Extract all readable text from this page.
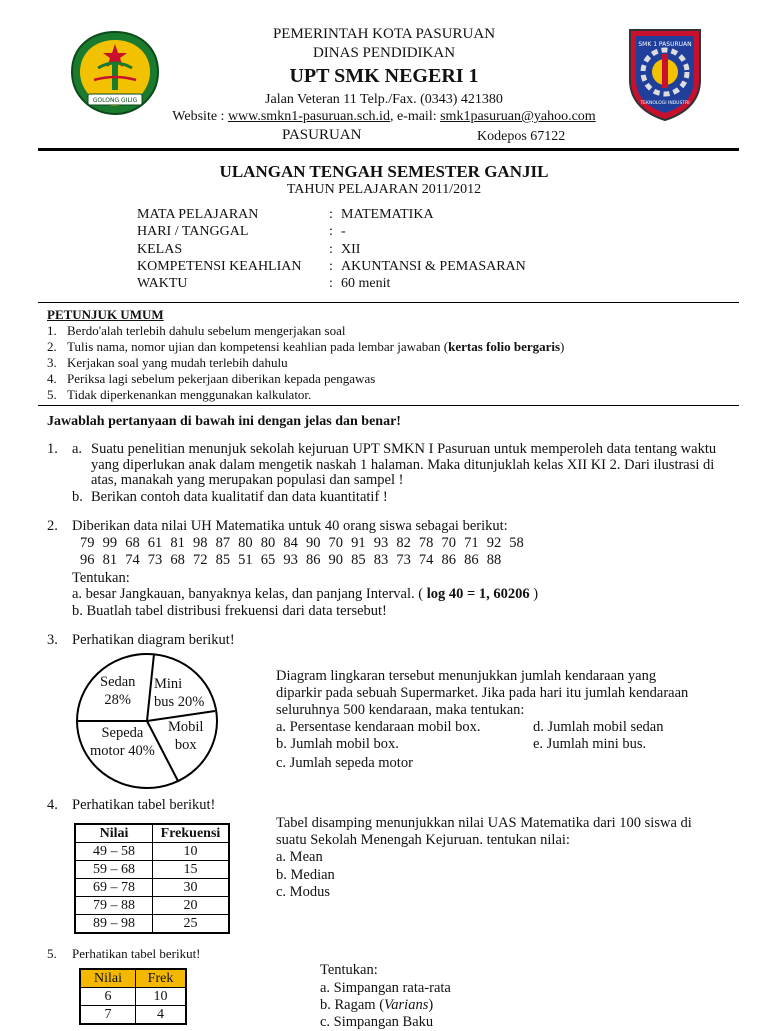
GOLONG GILIG
SMK 1 PASURUAN
TEKNOLOGI INDUSTRI
PEMERINTAH KOTA PASURUAN
DINAS PENDIDIKAN
UPT SMK NEGERI 1
Jalan Veteran 11 Telp./Fax. (0343) 421380
Website : www.smkn1-pasuruan.sch.id, e-mail: smk1pasuruan@yahoo.com
PASURUAN	Kodepos 67122
ULANGAN TENGAH SEMESTER GANJIL
TAHUN PELAJARAN 2011/2012
MATA PELAJARAN	: MATEMATIKA
HARI / TANGGAL	: -
KELAS	: XII
KOMPETENSI KEAHLIAN : AKUNTANSI & PEMASARAN
WAKTU	: 60 menit
PETUNJUK UMUM
1. Berdo'alah terlebih dahulu sebelum mengerjakan soal
2. Tulis nama, nomor ujian dan kompetensi keahlian pada lembar jawaban (kertas folio bergaris)
3. Kerjakan soal yang mudah terlebih dahulu
4. Periksa lagi sebelum pekerjaan diberikan kepada pengawas
5. Tidak diperkenankan menggunakan kalkulator.
Jawablah pertanyaan di bawah ini dengan jelas dan benar!
1. a. Suatu penelitian menunjuk sekolah kejuruan UPT SMKN I Pasuruan untuk memperoleh data tentang waktu
yang diperlukan anak dalam mengetik naskah 1 halaman. Maka ditunjuklah kelas XII KI 2. Dari ilustrasi di
atas, manakah yang merupakan populasi dan sampel !
b. Berikan contoh data kualitatif dan data kuantitatif !
2. Diberikan data nilai UH Matematika untuk 40 orang siswa sebagai berikut:
79 99 68 61 81 98 87 80 80 84 90 70 91 93 82 78 70 71 92 58
96 81 74 73 68 72 85 51 65 93 86 90 85 83 73 74 86 86 88
Tentukan:
a. besar Jangkauan, banyaknya kelas, dan panjang Interval. ( log 40 = 1, 60206 )
b. Buatlah tabel distribusi frekuensi dari data tersebut!
3. Perhatikan diagram berikut!
Sedan
28%
Mini
bus 20%
Mobil
box
Sepeda
motor 40%
Diagram lingkaran tersebut menunjukkan jumlah kendaraan yang
diparkir pada sebuah Supermarket. Jika pada hari itu jumlah kendaraan
seluruhnya 500 kendaraan, maka tentukan:
a. Persentase kendaraan mobil box.
b. Jumlah mobil box.
c. Jumlah sepeda motor
d. Jumlah mobil sedan
e. Jumlah mini bus.
4. Perhatikan tabel berikut!
Nilai	Frekuensi
49 – 58	10
59 – 68	15
69 – 78	30
79 – 88	20
89 – 98	25
Tabel disamping menunjukkan nilai UAS Matematika dari 100 siswa di
suatu Sekolah Menengah Kejuruan. tentukan nilai:
a. Mean
b. Median
c. Modus
5. Perhatikan tabel berikut!
Nilai	Frek
6	10
7	4
Tentukan:
a. Simpangan rata-rata
b. Ragam (Varians)
c. Simpangan Baku
